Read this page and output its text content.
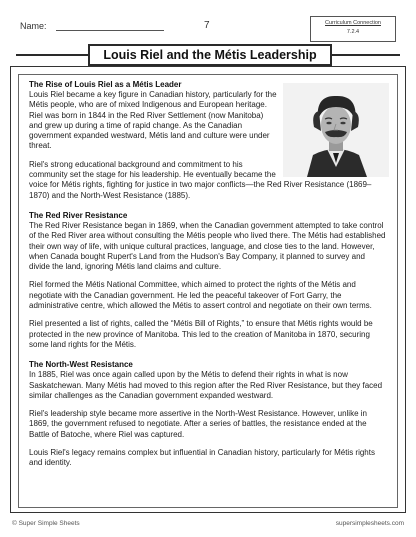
Name:	7	Curriculum Connection
7.2.4
Louis Riel and the Métis Leadership
The Rise of Louis Riel as a Métis Leader

Louis Riel became a key figure in Canadian history, particularly for the Métis people, who are of mixed Indigenous and European heritage. Riel was born in 1844 in the Red River Settlement (now Manitoba) and grew up during a time of rapid change. As the Canadian government expanded westward, Métis land and culture were under threat.

Riel's strong educational background and commitment to his community set the stage for his leadership. He eventually became the voice for Métis rights, fighting for justice in two major conflicts—the Red River Resistance (1869–1870) and the North-West Resistance (1885).

The Red River Resistance

The Red River Resistance began in 1869, when the Canadian government attempted to take control of the Red River area without consulting the Métis people who lived there. The Métis had established their own way of life, with unique cultural practices, language, and close ties to the land. However, when Canada bought Rupert's Land from the Hudson's Bay Company, it planned to survey and divide the land, ignoring Métis land claims and culture.

Riel formed the Métis National Committee, which aimed to protect the rights of the Métis and negotiate with the Canadian government. He led the peaceful takeover of Fort Garry, the administrative centre, which allowed the Métis to assert control and negotiate on their own terms.

Riel presented a list of rights, called the “Métis Bill of Rights,” to ensure that Métis rights would be protected in the new province of Manitoba. This led to the creation of Manitoba in 1870, securing some land rights for the Métis.

The North-West Resistance

In 1885, Riel was once again called upon by the Métis to defend their rights in what is now Saskatchewan. Many Métis had moved to this region after the Red River Resistance, but they faced similar challenges as the Canadian government expanded westward.

Riel's leadership style became more assertive in the North-West Resistance. However, unlike in 1869, the government refused to negotiate. After a series of battles, the resistance ended at the Battle of Batoche, where Riel was captured.

Louis Riel's legacy remains complex but influential in Canadian history, particularly for Métis rights and identity.

© Super Simple Sheets	supersimplesheets.com
